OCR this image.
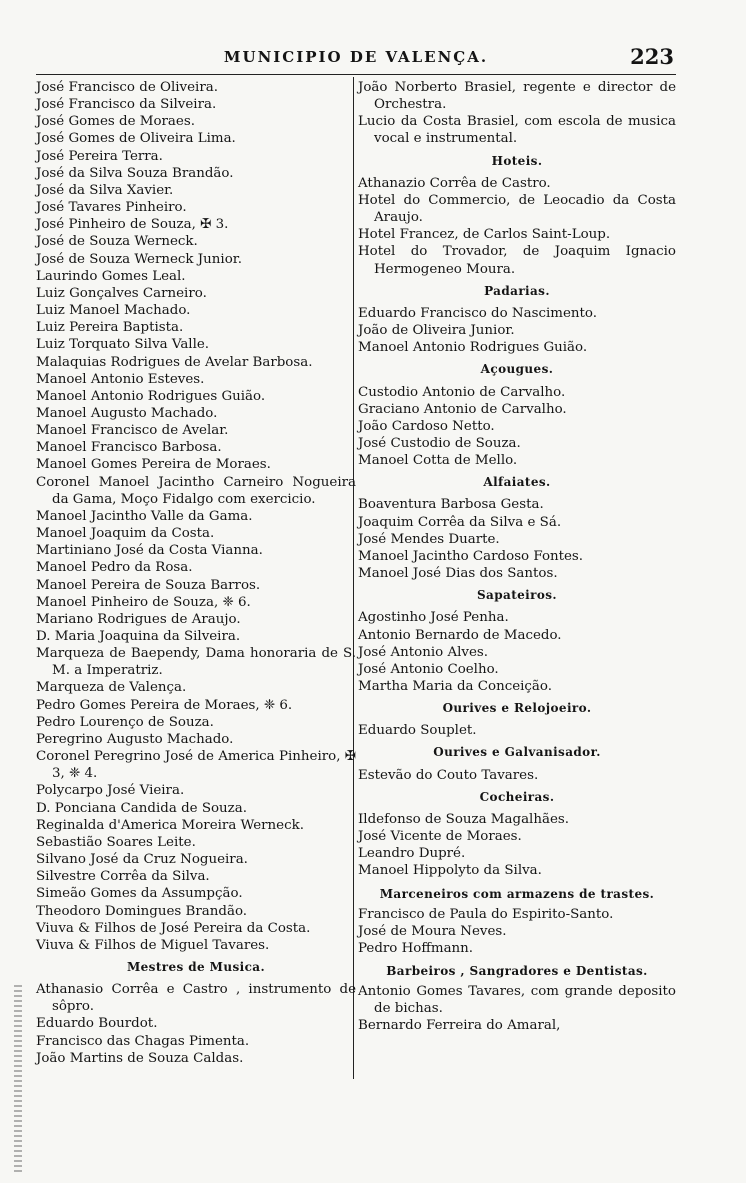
MUNICIPIO DE VALENÇA.	223
José Francisco de Oliveira.
José Francisco da Silveira.
José Gomes de Moraes.
José Gomes de Oliveira Lima.
José Pereira Terra.
José da Silva Souza Brandão.
José da Silva Xavier.
José Tavares Pinheiro.
José Pinheiro de Souza, ✠ 3.
José de Souza Werneck.
José de Souza Werneck Junior.
Laurindo Gomes Leal.
Luiz Gonçalves Carneiro.
Luiz Manoel Machado.
Luiz Pereira Baptista.
Luiz Torquato Silva Valle.
Malaquias Rodrigues de Avelar Barbosa.
Manoel Antonio Esteves.
Manoel Antonio Rodrigues Guião.
Manoel Augusto Machado.
Manoel Francisco de Avelar.
Manoel Francisco Barbosa.
Manoel Gomes Pereira de Moraes.
Coronel Manoel Jacintho Carneiro Nogueira da Gama, Moço Fidalgo com exercicio.
Manoel Jacintho Valle da Gama.
Manoel Joaquim da Costa.
Martiniano José da Costa Vianna.
Manoel Pedro da Rosa.
Manoel Pereira de Souza Barros.
Manoel Pinheiro de Souza, ❈ 6.
Mariano Rodrigues de Araujo.
D. Maria Joaquina da Silveira.
Marqueza de Baependy, Dama honoraria de S. M. a Imperatriz.
Marqueza de Valença.
Pedro Gomes Pereira de Moraes, ❈ 6.
Pedro Lourenço de Souza.
Peregrino Augusto Machado.
Coronel Peregrino José de America Pinheiro, ✠ 3, ❈ 4.
Polycarpo José Vieira.
D. Ponciana Candida de Souza.
Reginalda d'America Moreira Werneck.
Sebastião Soares Leite.
Silvano José da Cruz Nogueira.
Silvestre Corrêa da Silva.
Simeão Gomes da Assumpção.
Theodoro Domingues Brandão.
Viuva & Filhos de José Pereira da Costa.
Viuva & Filhos de Miguel Tavares.
Mestres de Musica.
Athanasio Corrêa e Castro , instrumento de sôpro.
Eduardo Bourdot.
Francisco das Chagas Pimenta.
João Martins de Souza Caldas.
João Norberto Brasiel, regente e director de Orchestra.
Lucio da Costa Brasiel, com escola de musica vocal e instrumental.
Hoteis.
Athanazio Corrêa de Castro.
Hotel do Commercio, de Leocadio da Costa Araujo.
Hotel Francez, de Carlos Saint-Loup.
Hotel do Trovador, de Joaquim Ignacio Hermogeneo Moura.
Padarias.
Eduardo Francisco do Nascimento.
João de Oliveira Junior.
Manoel Antonio Rodrigues Guião.
Açougues.
Custodio Antonio de Carvalho.
Graciano Antonio de Carvalho.
João Cardoso Netto.
José Custodio de Souza.
Manoel Cotta de Mello.
Alfaiates.
Boaventura Barbosa Gesta.
Joaquim Corrêa da Silva e Sá.
José Mendes Duarte.
Manoel Jacintho Cardoso Fontes.
Manoel José Dias dos Santos.
Sapateiros.
Agostinho José Penha.
Antonio Bernardo de Macedo.
José Antonio Alves.
José Antonio Coelho.
Martha Maria da Conceição.
Ourives e Relojoeiro.
Eduardo Souplet.
Ourives e Galvanisador.
Estevão do Couto Tavares.
Cocheiras.
Ildefonso de Souza Magalhães.
José Vicente de Moraes.
Leandro Dupré.
Manoel Hippolyto da Silva.
Marceneiros com armazens de trastes.
Francisco de Paula do Espirito-Santo.
José de Moura Neves.
Pedro Hoffmann.
Barbeiros , Sangradores e Dentistas.
Antonio Gomes Tavares, com grande deposito de bichas.
Bernardo Ferreira do Amaral,
